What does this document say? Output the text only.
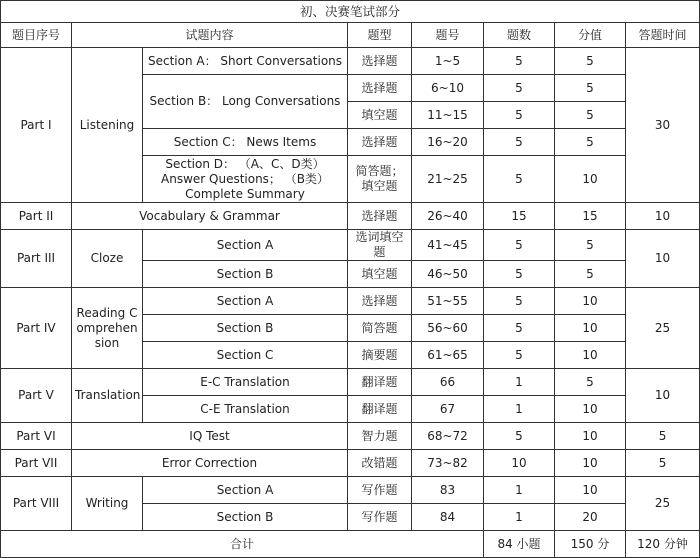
初、决赛笔试部分							
题目序号	试题内容		题型	题号	题数	分值	答题时间
Part I	Listening	Section A： Short Conversations	选择题	1~5	5	5	30
		Section B： Long Conversations	选择题	6~10	5	5	
			填空题	11~15	5	5	
		Section C： News Items	选择题	16~20	5	5	
		Section D： （A、C、D类）Answer Questions； （B类）Complete Summary	简答题；填空题	21~25	5	10	

Part II	Vocabulary & Grammar		选择题	26~40	15	15	10
Part III	Cloze	Section A	选词填空题	41~45	5	5	10
		Section B	填空题	46~50	5	5	
Part IV	Reading Comprehension	Section A	选择题	51~55	5	10	25
		Section B	简答题	56~60	5	10	
		Section C	摘要题	61~65	5	10	
Part V	Translation	E-C Translation	翻译题	66	1	5	10
		C-E Translation	翻译题	67	1	10	
Part VI	IQ Test		智力题	68~72	5	10	5
Part VII	Error Correction		改错题	73~82	10	10	5
Part VIII	Writing	Section A	写作题	83	1	10	25
		Section B	写作题	84	1	20	
合计					84 小题	150 分	120 分钟
